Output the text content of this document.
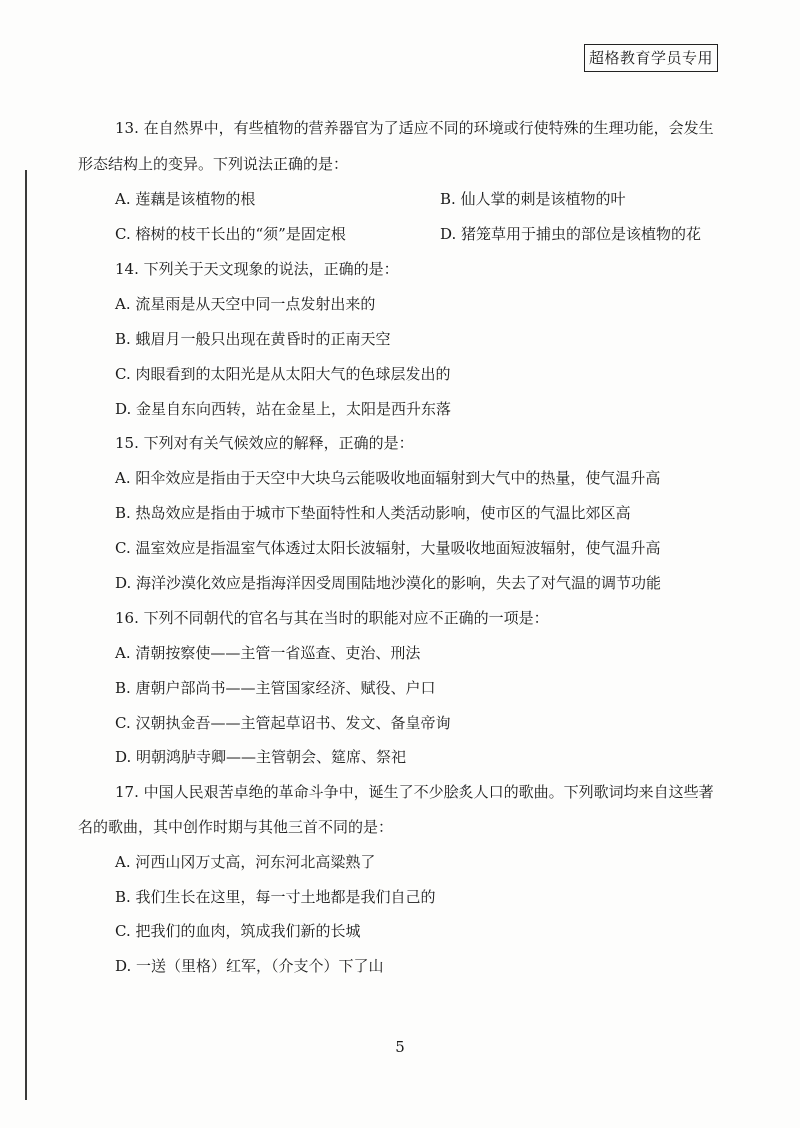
超格教育学员专用
13. 在自然界中，有些植物的营养器官为了适应不同的环境或行使特殊的生理功能，会发生
形态结构上的变异。下列说法正确的是：
A. 莲藕是该植物的根	B. 仙人掌的刺是该植物的叶
C. 榕树的枝干长出的“须”是固定根	D. 猪笼草用于捕虫的部位是该植物的花
14. 下列关于天文现象的说法，正确的是：
A. 流星雨是从天空中同一点发射出来的
B. 蛾眉月一般只出现在黄昏时的正南天空
C. 肉眼看到的太阳光是从太阳大气的色球层发出的
D. 金星自东向西转，站在金星上，太阳是西升东落
15. 下列对有关气候效应的解释，正确的是：
A. 阳伞效应是指由于天空中大块乌云能吸收地面辐射到大气中的热量，使气温升高
B. 热岛效应是指由于城市下垫面特性和人类活动影响，使市区的气温比郊区高
C. 温室效应是指温室气体透过太阳长波辐射，大量吸收地面短波辐射，使气温升高
D. 海洋沙漠化效应是指海洋因受周围陆地沙漠化的影响，失去了对气温的调节功能
16. 下列不同朝代的官名与其在当时的职能对应不正确的一项是：
A. 清朝按察使——主管一省巡查、吏治、刑法
B. 唐朝户部尚书——主管国家经济、赋役、户口
C. 汉朝执金吾——主管起草诏书、发文、备皇帝询
D. 明朝鸿胪寺卿——主管朝会、筵席、祭祀
17. 中国人民艰苦卓绝的革命斗争中，诞生了不少脍炙人口的歌曲。下列歌词均来自这些著
名的歌曲，其中创作时期与其他三首不同的是：
A. 河西山冈万丈高，河东河北高粱熟了
B. 我们生长在这里，每一寸土地都是我们自己的
C. 把我们的血肉，筑成我们新的长城
D. 一送（里格）红军，（介支个）下了山
5
